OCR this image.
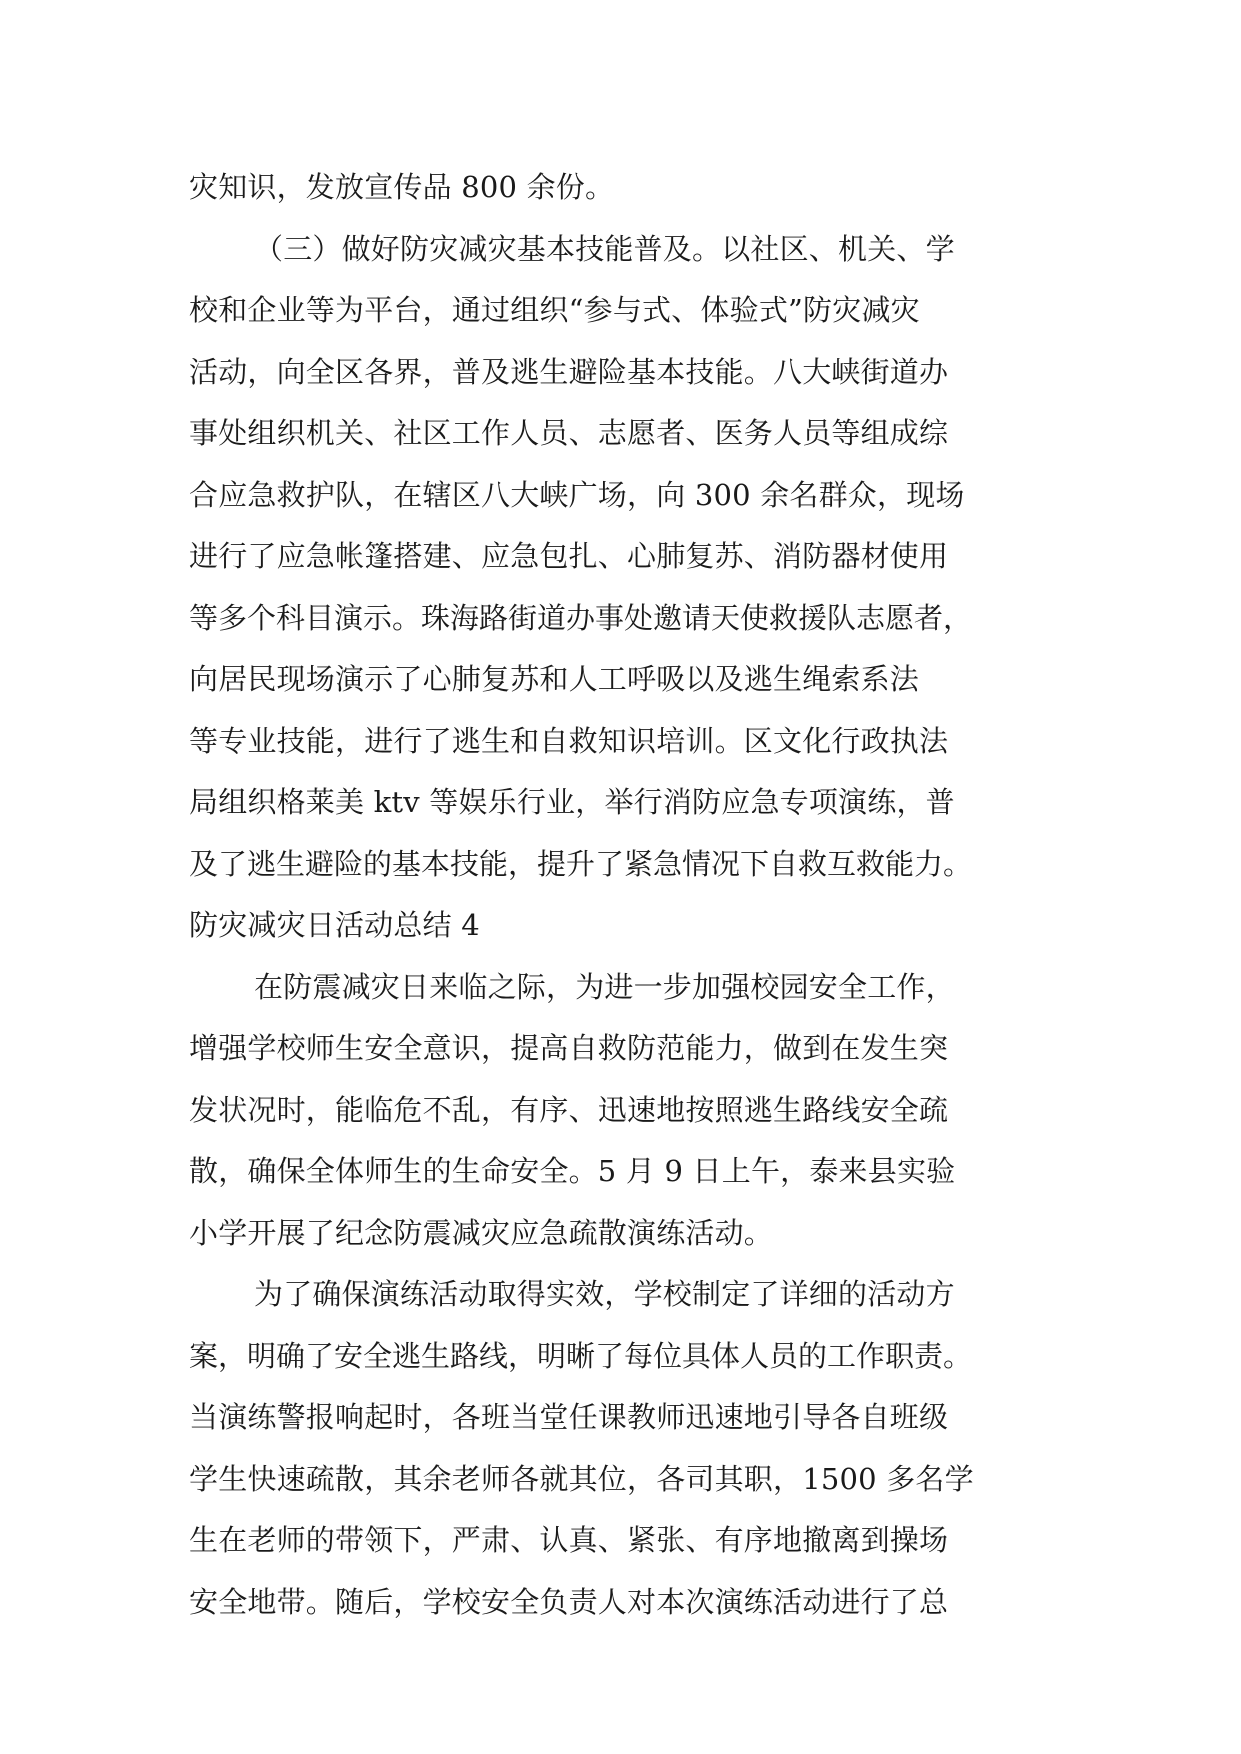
灾知识，发放宣传品 800 余份。
（三）做好防灾减灾基本技能普及。以社区、机关、学
校和企业等为平台，通过组织“参与式、体验式”防灾减灾
活动，向全区各界，普及逃生避险基本技能。八大峡街道办
事处组织机关、社区工作人员、志愿者、医务人员等组成综
合应急救护队，在辖区八大峡广场，向 300 余名群众，现场
进行了应急帐篷搭建、应急包扎、心肺复苏、消防器材使用
等多个科目演示。珠海路街道办事处邀请天使救援队志愿者，
向居民现场演示了心肺复苏和人工呼吸以及逃生绳索系法
等专业技能，进行了逃生和自救知识培训。区文化行政执法
局组织格莱美 ktv 等娱乐行业，举行消防应急专项演练，普
及了逃生避险的基本技能，提升了紧急情况下自救互救能力。
防灾减灾日活动总结 4
在防震减灾日来临之际，为进一步加强校园安全工作，
增强学校师生安全意识，提高自救防范能力，做到在发生突
发状况时，能临危不乱，有序、迅速地按照逃生路线安全疏
散，确保全体师生的生命安全。5 月 9 日上午，泰来县实验
小学开展了纪念防震减灾应急疏散演练活动。
为了确保演练活动取得实效，学校制定了详细的活动方
案，明确了安全逃生路线，明晰了每位具体人员的工作职责。
当演练警报响起时，各班当堂任课教师迅速地引导各自班级
学生快速疏散，其余老师各就其位，各司其职，1500 多名学
生在老师的带领下，严肃、认真、紧张、有序地撤离到操场
安全地带。随后，学校安全负责人对本次演练活动进行了总
